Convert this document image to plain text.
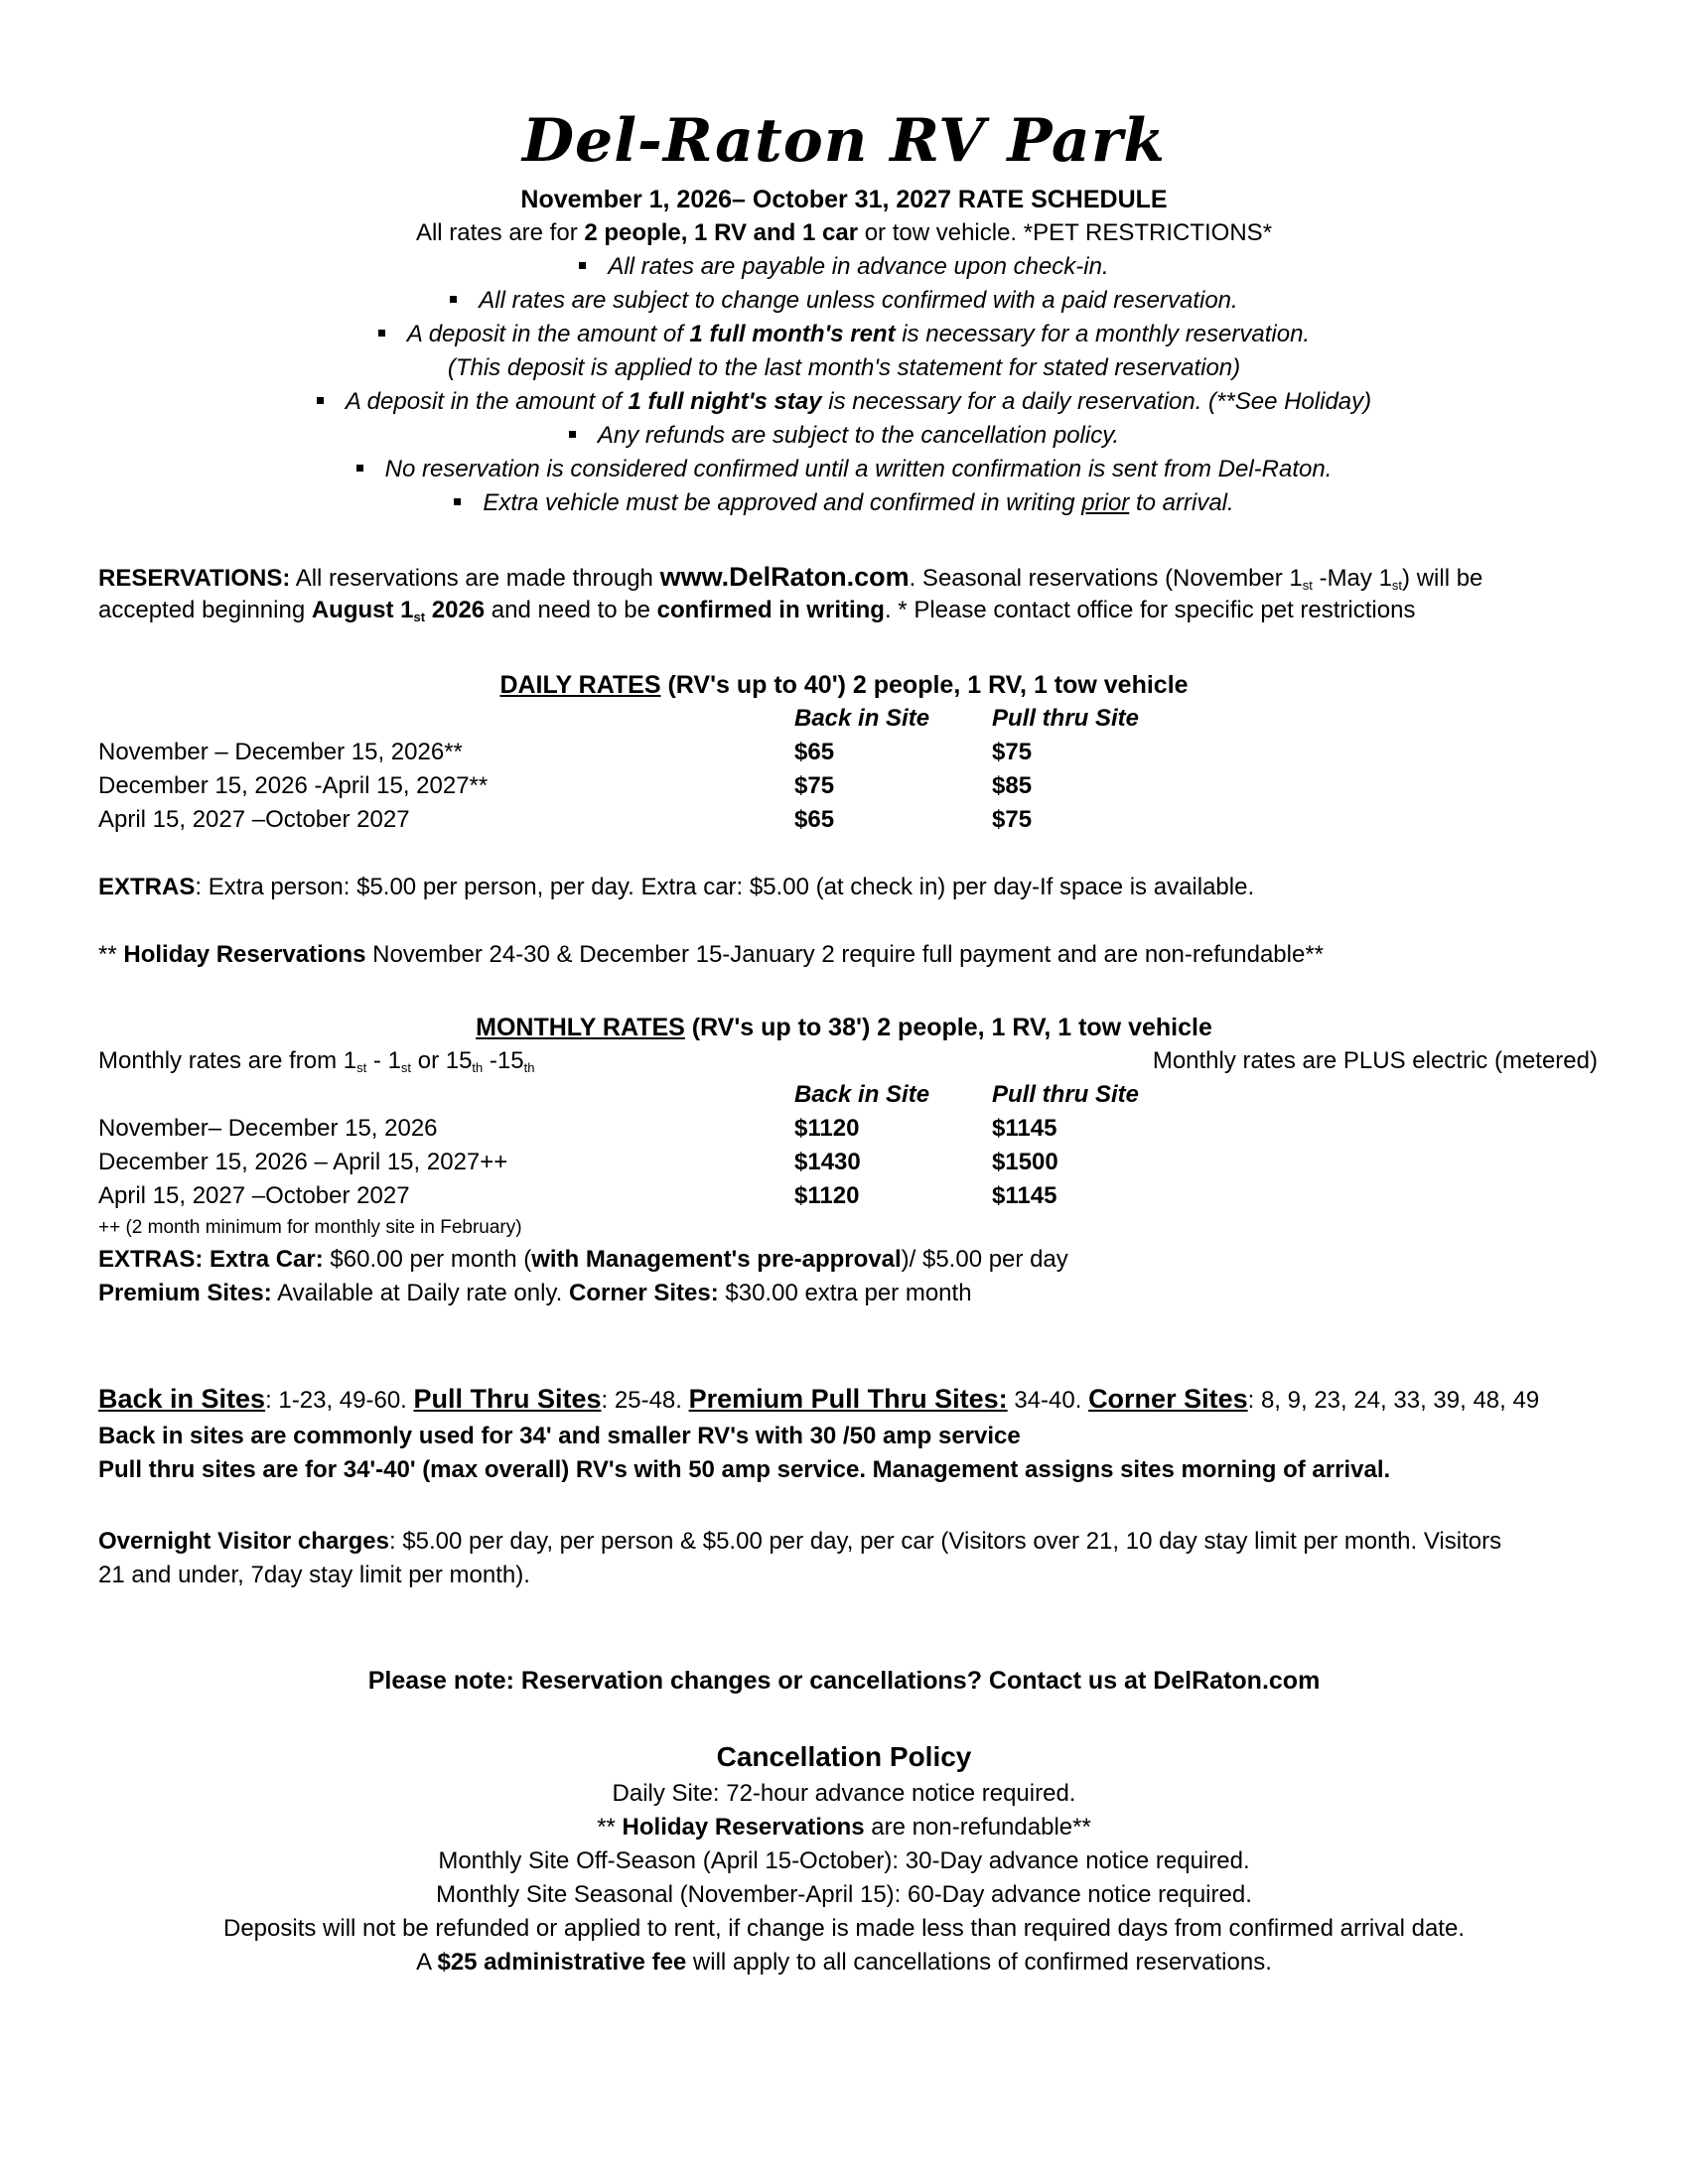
Del-Raton RV Park
November 1, 2026– October 31, 2027 RATE SCHEDULE
All rates are for 2 people, 1 RV and 1 car or tow vehicle. *PET RESTRICTIONS*
All rates are payable in advance upon check-in.
All rates are subject to change unless confirmed with a paid reservation.
A deposit in the amount of 1 full month's rent is necessary for a monthly reservation.
(This deposit is applied to the last month's statement for stated reservation)
A deposit in the amount of 1 full night's stay is necessary for a daily reservation. (**See Holiday)
Any refunds are subject to the cancellation policy.
No reservation is considered confirmed until a written confirmation is sent from Del-Raton.
Extra vehicle must be approved and confirmed in writing prior to arrival.
RESERVATIONS: All reservations are made through www.DelRaton.com. Seasonal reservations (November 1st -May 1st) will be
accepted beginning August 1st 2026 and need to be confirmed in writing. * Please contact office for specific pet restrictions
DAILY RATES (RV's up to 40') 2 people, 1 RV, 1 tow vehicle
Back in Site	Pull thru Site
November – December 15, 2026**	$65	$75
December 15, 2026 -April 15, 2027**	$75	$85
April 15, 2027 –October 2027	$65	$75
EXTRAS: Extra person: $5.00 per person, per day. Extra car: $5.00 (at check in) per day-If space is available.
** Holiday Reservations November 24-30 & December 15-January 2 require full payment and are non-refundable**
MONTHLY RATES (RV's up to 38') 2 people, 1 RV, 1 tow vehicle
Monthly rates are from 1st - 1st or 15th -15th	Monthly rates are PLUS electric (metered)
Back in Site	Pull thru Site
November– December 15, 2026	$1120	$1145
December 15, 2026 – April 15, 2027++	$1430	$1500
April 15, 2027 –October 2027	$1120	$1145
++ (2 month minimum for monthly site in February)
EXTRAS: Extra Car: $60.00 per month (with Management's pre-approval)/ $5.00 per day
Premium Sites: Available at Daily rate only. Corner Sites: $30.00 extra per month
Back in Sites: 1-23, 49-60. Pull Thru Sites: 25-48. Premium Pull Thru Sites: 34-40. Corner Sites: 8, 9, 23, 24, 33, 39, 48, 49
Back in sites are commonly used for 34' and smaller RV's with 30 /50 amp service
Pull thru sites are for 34'-40' (max overall) RV's with 50 amp service. Management assigns sites morning of arrival.
Overnight Visitor charges: $5.00 per day, per person & $5.00 per day, per car (Visitors over 21, 10 day stay limit per month. Visitors
21 and under, 7day stay limit per month).
Please note: Reservation changes or cancellations? Contact us at DelRaton.com
Cancellation Policy
Daily Site: 72-hour advance notice required.
** Holiday Reservations are non-refundable**
Monthly Site Off-Season (April 15-October): 30-Day advance notice required.
Monthly Site Seasonal (November-April 15): 60-Day advance notice required.
Deposits will not be refunded or applied to rent, if change is made less than required days from confirmed arrival date.
A $25 administrative fee will apply to all cancellations of confirmed reservations.
